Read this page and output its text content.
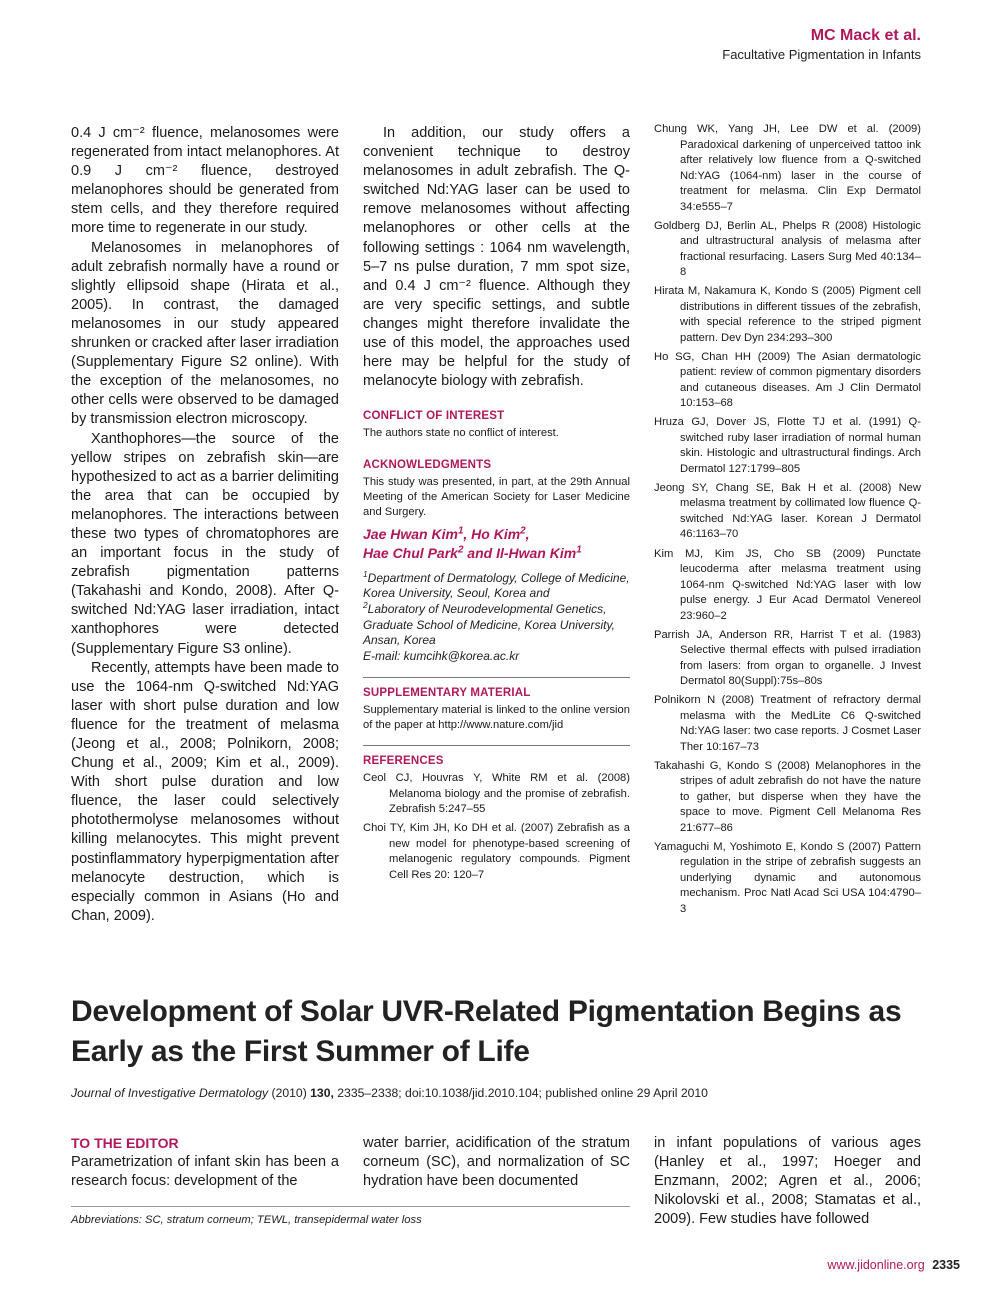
MC Mack et al.
Facultative Pigmentation in Infants

0.4 J cm⁻² fluence, melanosomes were regenerated from intact melanophores. At 0.9 J cm⁻² fluence, destroyed melanophores should be generated from stem cells, and they therefore required more time to regenerate in our study.

Melanosomes in melanophores of adult zebrafish normally have a round or slightly ellipsoid shape (Hirata et al., 2005). In contrast, the damaged melanosomes in our study appeared shrunken or cracked after laser irradiation (Supplementary Figure S2 online). With the exception of the melanosomes, no other cells were observed to be damaged by transmission electron microscopy.

Xanthophores—the source of the yellow stripes on zebrafish skin—are hypothesized to act as a barrier delimiting the area that can be occupied by melanophores. The interactions between these two types of chromatophores are an important focus in the study of zebrafish pigmentation patterns (Takahashi and Kondo, 2008). After Q-switched Nd:YAG laser irradiation, intact xanthophores were detected (Supplementary Figure S3 online).

Recently, attempts have been made to use the 1064-nm Q-switched Nd:YAG laser with short pulse duration and low fluence for the treatment of melasma (Jeong et al., 2008; Polnikorn, 2008; Chung et al., 2009; Kim et al., 2009). With short pulse duration and low fluence, the laser could selectively photothermolyse melanosomes without killing melanocytes. This might prevent postinflammatory hyperpigmentation after melanocyte destruction, which is especially common in Asians (Ho and Chan, 2009).

In addition, our study offers a convenient technique to destroy melanosomes in adult zebrafish. The Q-switched Nd:YAG laser can be used to remove melanosomes without affecting melanophores or other cells at the following settings : 1064 nm wavelength, 5–7 ns pulse duration, 7 mm spot size, and 0.4 J cm⁻² fluence. Although they are very specific settings, and subtle changes might therefore invalidate the use of this model, the approaches used here may be helpful for the study of melanocyte biology with zebrafish.

CONFLICT OF INTEREST

The authors state no conflict of interest.

ACKNOWLEDGMENTS

This study was presented, in part, at the 29th Annual Meeting of the American Society for Laser Medicine and Surgery.

Jae Hwan Kim$^1$, Ho Kim$^2$,
Hae Chul Park$^2$ and Il-Hwan Kim$^1$
$^1$Department of Dermatology, College of Medicine, Korea University, Seoul, Korea and
$^2$Laboratory of Neurodevelopmental Genetics, Graduate School of Medicine, Korea University, Ansan, Korea
E-mail: kumcihk@korea.ac.kr
SUPPLEMENTARY MATERIAL

Supplementary material is linked to the online version of the paper at http://www.nature.com/jid

REFERENCES

Ceol CJ, Houvras Y, White RM et al. (2008) Melanoma biology and the promise of zebrafish. Zebrafish 5:247–55

Choi TY, Kim JH, Ko DH et al. (2007) Zebrafish as a new model for phenotype-based screening of melanogenic regulatory compounds. Pigment Cell Res 20: 120–7

Chung WK, Yang JH, Lee DW et al. (2009) Paradoxical darkening of unperceived tattoo ink after relatively low fluence from a Q-switched Nd:YAG (1064-nm) laser in the course of treatment for melasma. Clin Exp Dermatol 34:e555–7

Goldberg DJ, Berlin AL, Phelps R (2008) Histologic and ultrastructural analysis of melasma after fractional resurfacing. Lasers Surg Med 40:134–8

Hirata M, Nakamura K, Kondo S (2005) Pigment cell distributions in different tissues of the zebrafish, with special reference to the striped pigment pattern. Dev Dyn 234:293–300

Ho SG, Chan HH (2009) The Asian dermatologic patient: review of common pigmentary disorders and cutaneous diseases. Am J Clin Dermatol 10:153–68

Hruza GJ, Dover JS, Flotte TJ et al. (1991) Q-switched ruby laser irradiation of normal human skin. Histologic and ultrastructural findings. Arch Dermatol 127:1799–805

Jeong SY, Chang SE, Bak H et al. (2008) New melasma treatment by collimated low fluence Q-switched Nd:YAG laser. Korean J Dermatol 46:1163–70

Kim MJ, Kim JS, Cho SB (2009) Punctate leucoderma after melasma treatment using 1064-nm Q-switched Nd:YAG laser with low pulse energy. J Eur Acad Dermatol Venereol 23:960–2

Parrish JA, Anderson RR, Harrist T et al. (1983) Selective thermal effects with pulsed irradiation from lasers: from organ to organelle. J Invest Dermatol 80(Suppl):75s–80s

Polnikorn N (2008) Treatment of refractory dermal melasma with the MedLite C6 Q-switched Nd:YAG laser: two case reports. J Cosmet Laser Ther 10:167–73

Takahashi G, Kondo S (2008) Melanophores in the stripes of adult zebrafish do not have the nature to gather, but disperse when they have the space to move. Pigment Cell Melanoma Res 21:677–86

Yamaguchi M, Yoshimoto E, Kondo S (2007) Pattern regulation in the stripe of zebrafish suggests an underlying dynamic and autonomous mechanism. Proc Natl Acad Sci USA 104:4790–3

Development of Solar UVR-Related Pigmentation Begins as Early as the First Summer of Life
Journal of Investigative Dermatology (2010) 130, 2335–2338; doi:10.1038/jid.2010.104; published online 29 April 2010
TO THE EDITOR

Parametrization of infant skin has been a research focus: development of the

water barrier, acidification of the stratum corneum (SC), and normalization of SC hydration have been documented

in infant populations of various ages (Hanley et al., 1997; Hoeger and Enzmann, 2002; Agren et al., 2006; Nikolovski et al., 2008; Stamatas et al., 2009). Few studies have followed

Abbreviations: SC, stratum corneum; TEWL, transepidermal water loss
www.jidonline.org 2335
